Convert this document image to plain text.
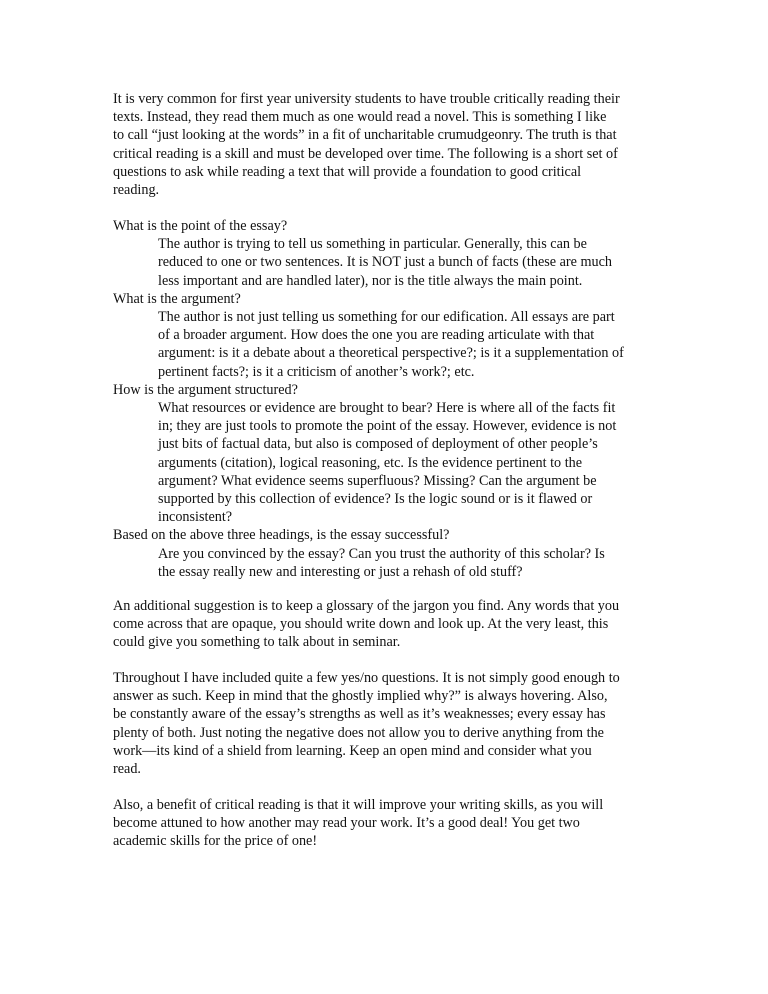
It is very common for first year university students to have trouble critically reading their
texts. Instead, they read them much as one would read a novel. This is something I like
to call “just looking at the words” in a fit of uncharitable crumudgeonry. The truth is that
critical reading is a skill and must be developed over time. The following is a short set of
questions to ask while reading a text that will provide a foundation to good critical
reading.
What is the point of the essay?
The author is trying to tell us something in particular. Generally, this can be
reduced to one or two sentences. It is NOT just a bunch of facts (these are much
less important and are handled later), nor is the title always the main point.
What is the argument?
The author is not just telling us something for our edification. All essays are part
of a broader argument. How does the one you are reading articulate with that
argument: is it a debate about a theoretical perspective?; is it a supplementation of
pertinent facts?; is it a criticism of another’s work?; etc.
How is the argument structured?
What resources or evidence are brought to bear? Here is where all of the facts fit
in; they are just tools to promote the point of the essay. However, evidence is not
just bits of factual data, but also is composed of deployment of other people’s
arguments (citation), logical reasoning, etc. Is the evidence pertinent to the
argument? What evidence seems superfluous? Missing? Can the argument be
supported by this collection of evidence? Is the logic sound or is it flawed or
inconsistent?
Based on the above three headings, is the essay successful?
Are you convinced by the essay? Can you trust the authority of this scholar? Is
the essay really new and interesting or just a rehash of old stuff?
An additional suggestion is to keep a glossary of the jargon you find. Any words that you
come across that are opaque, you should write down and look up. At the very least, this
could give you something to talk about in seminar.
Throughout I have included quite a few yes/no questions. It is not simply good enough to
answer as such. Keep in mind that the ghostly implied why?” is always hovering. Also,
be constantly aware of the essay’s strengths as well as it’s weaknesses; every essay has
plenty of both. Just noting the negative does not allow you to derive anything from the
work—its kind of a shield from learning. Keep an open mind and consider what you
read.
Also, a benefit of critical reading is that it will improve your writing skills, as you will
become attuned to how another may read your work. It’s a good deal! You get two
academic skills for the price of one!
